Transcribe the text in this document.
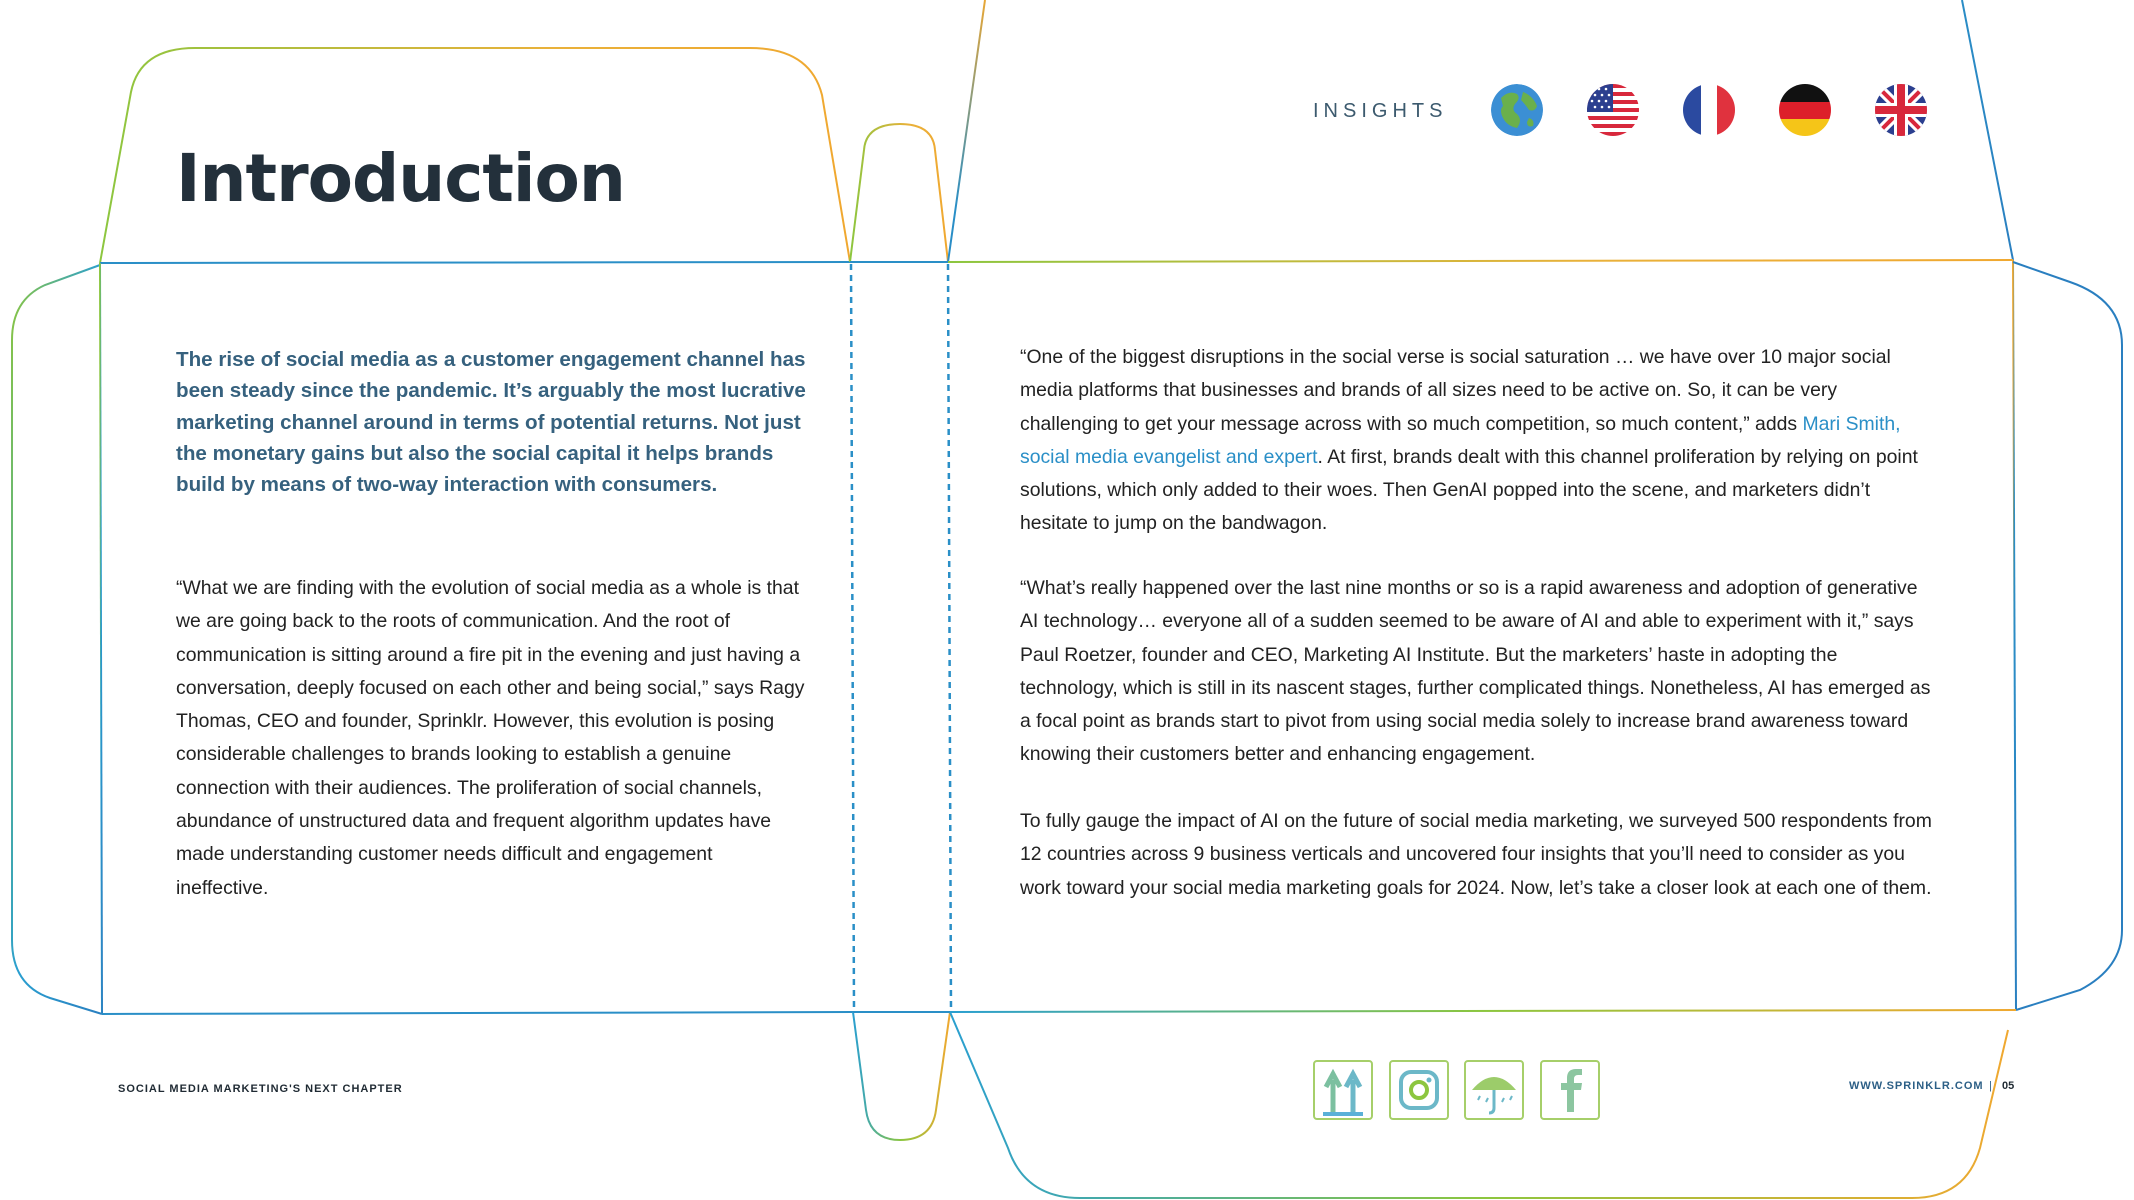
Introduction
INSIGHTS

The rise of social media as a customer engagement channel has been steady since the pandemic. It’s arguably the most lucrative marketing channel around in terms of potential returns. Not just the monetary gains but also the social capital it helps brands build by means of two-way interaction with consumers.

“What we are finding with the evolution of social media as a whole is that we are going back to the roots of communication. And the root of communication is sitting around a fire pit in the evening and just having a conversation, deeply focused on each other and being social,” says Ragy Thomas, CEO and founder, Sprinklr. However, this evolution is posing considerable challenges to brands looking to establish a genuine connection with their audiences. The proliferation of social channels, abundance of unstructured data and frequent algorithm updates have made understanding customer needs difficult and engagement ineffective.

“One of the biggest disruptions in the social verse is social saturation … we have over 10 major social media platforms that businesses and brands of all sizes need to be active on. So, it can be very challenging to get your message across with so much competition, so much content,” adds Mari Smith, social media evangelist and expert. At first, brands dealt with this channel proliferation by relying on point solutions, which only added to their woes. Then GenAI popped into the scene, and marketers didn’t hesitate to jump on the bandwagon.

“What’s really happened over the last nine months or so is a rapid awareness and adoption of generative AI technology… everyone all of a sudden seemed to be aware of AI and able to experiment with it,” says Paul Roetzer, founder and CEO, Marketing AI Institute. But the marketers’ haste in adopting the technology, which is still in its nascent stages, further complicated things. Nonetheless, AI has emerged as a focal point as brands start to pivot from using social media solely to increase brand awareness toward knowing their customers better and enhancing engagement.

To fully gauge the impact of AI on the future of social media marketing, we surveyed 500 respondents from 12 countries across 9 business verticals and uncovered four insights that you’ll need to consider as you work toward your social media marketing goals for 2024. Now, let’s take a closer look at each one of them.

SOCIAL MEDIA MARKETING'S NEXT CHAPTER	WWW.SPRINKLR.COM | 05
